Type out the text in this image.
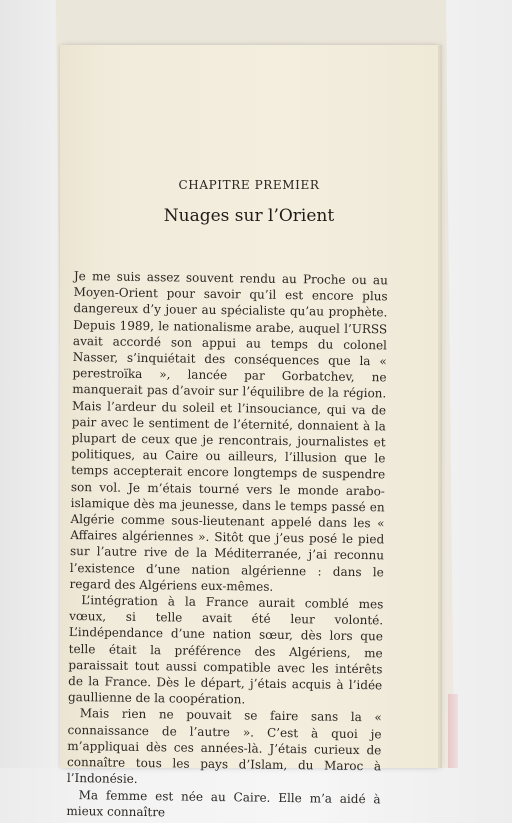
CHAPITRE PREMIER
Nuages sur l’Orient

Je me suis assez souvent rendu au Proche ou au Moyen-Orient pour savoir qu’il est encore plus dangereux d’y jouer au spécialiste qu’au prophète. Depuis 1989, le nationalisme arabe, auquel l’URSS avait accordé son appui au temps du colonel Nasser, s’inquiétait des conséquences que la « perestroïka », lancée par Gorbatchev, ne manquerait pas d’avoir sur l’équilibre de la région. Mais l’ardeur du soleil et l’insouciance, qui va de pair avec le sentiment de l’éternité, donnaient à la plupart de ceux que je rencontrais, journalistes et politiques, au Caire ou ailleurs, l’illusion que le temps accepterait encore longtemps de suspendre son vol. Je m’étais tourné vers le monde arabo-islamique dès ma jeunesse, dans le temps passé en Algérie comme sous-lieutenant appelé dans les « Affaires algériennes ». Sitôt que j’eus posé le pied sur l’autre rive de la Méditerranée, j’ai reconnu l’existence d’une nation algérienne : dans le regard des Algériens eux-mêmes.

L’intégration à la France aurait comblé mes vœux, si telle avait été leur volonté. L’indépendance d’une nation sœur, dès lors que telle était la préférence des Algériens, me paraissait tout aussi compatible avec les intérêts de la France. Dès le départ, j’étais acquis à l’idée gaullienne de la coopération.

Mais rien ne pouvait se faire sans la « connaissance de l’autre ». C’est à quoi je m’appliquai dès ces années-là. J’étais curieux de connaître tous les pays d’Islam, du Maroc à l’Indonésie.

Ma femme est née au Caire. Elle m’a aidé à mieux connaître
